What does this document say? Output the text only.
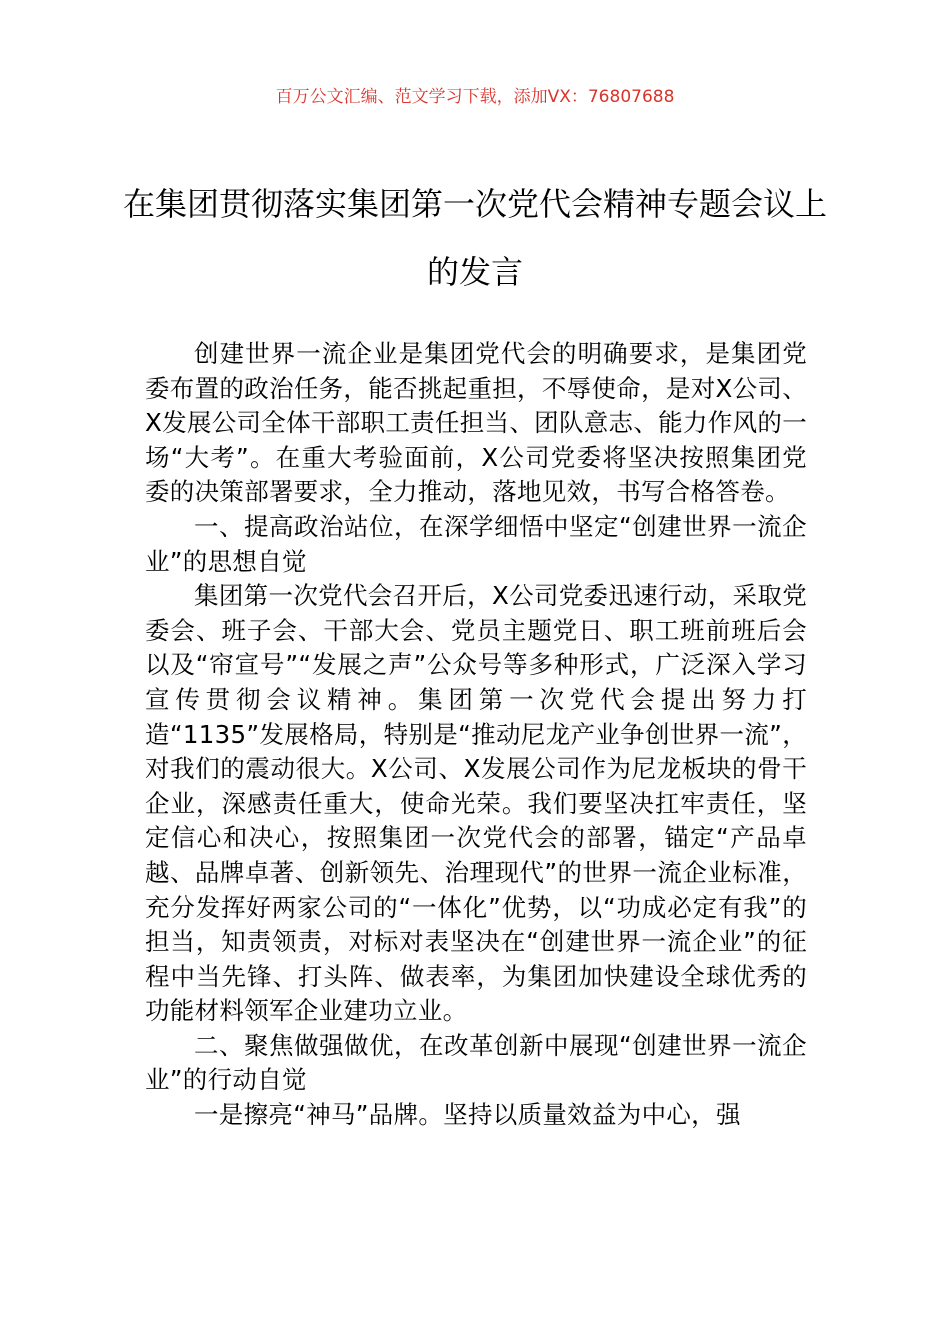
百万公文汇编、范文学习下载，添加VX：76807688

在集团贯彻落实集团第一次党代会精神专题会议上的发言

创建世界一流企业是集团党代会的明确要求，是集团党委布置的政治任务，能否挑起重担，不辱使命，是对X公司、X发展公司全体干部职工责任担当、团队意志、能力作风的一场“大考”。在重大考验面前，X公司党委将坚决按照集团党委的决策部署要求，全力推动，落地见效，书写合格答卷。

一、提高政治站位，在深学细悟中坚定“创建世界一流企业”的思想自觉

集团第一次党代会召开后，X公司党委迅速行动，采取党委会、班子会、干部大会、党员主题党日、职工班前班后会以及“帘宣号”“发展之声”公众号等多种形式，广泛深入学习宣传贯彻会议精神。集团第一次党代会提出努力打造“1135”发展格局，特别是“推动尼龙产业争创世界一流”，对我们的震动很大。X公司、X发展公司作为尼龙板块的骨干企业，深感责任重大，使命光荣。我们要坚决扛牢责任，坚定信心和决心，按照集团一次党代会的部署，锚定“产品卓越、品牌卓著、创新领先、治理现代”的世界一流企业标准，充分发挥好两家公司的“一体化”优势，以“功成必定有我”的担当，知责领责，对标对表坚决在“创建世界一流企业”的征程中当先锋、打头阵、做表率，为集团加快建设全球优秀的功能材料领军企业建功立业。

二、聚焦做强做优，在改革创新中展现“创建世界一流企业”的行动自觉

一是擦亮“神马”品牌。坚持以质量效益为中心，强
